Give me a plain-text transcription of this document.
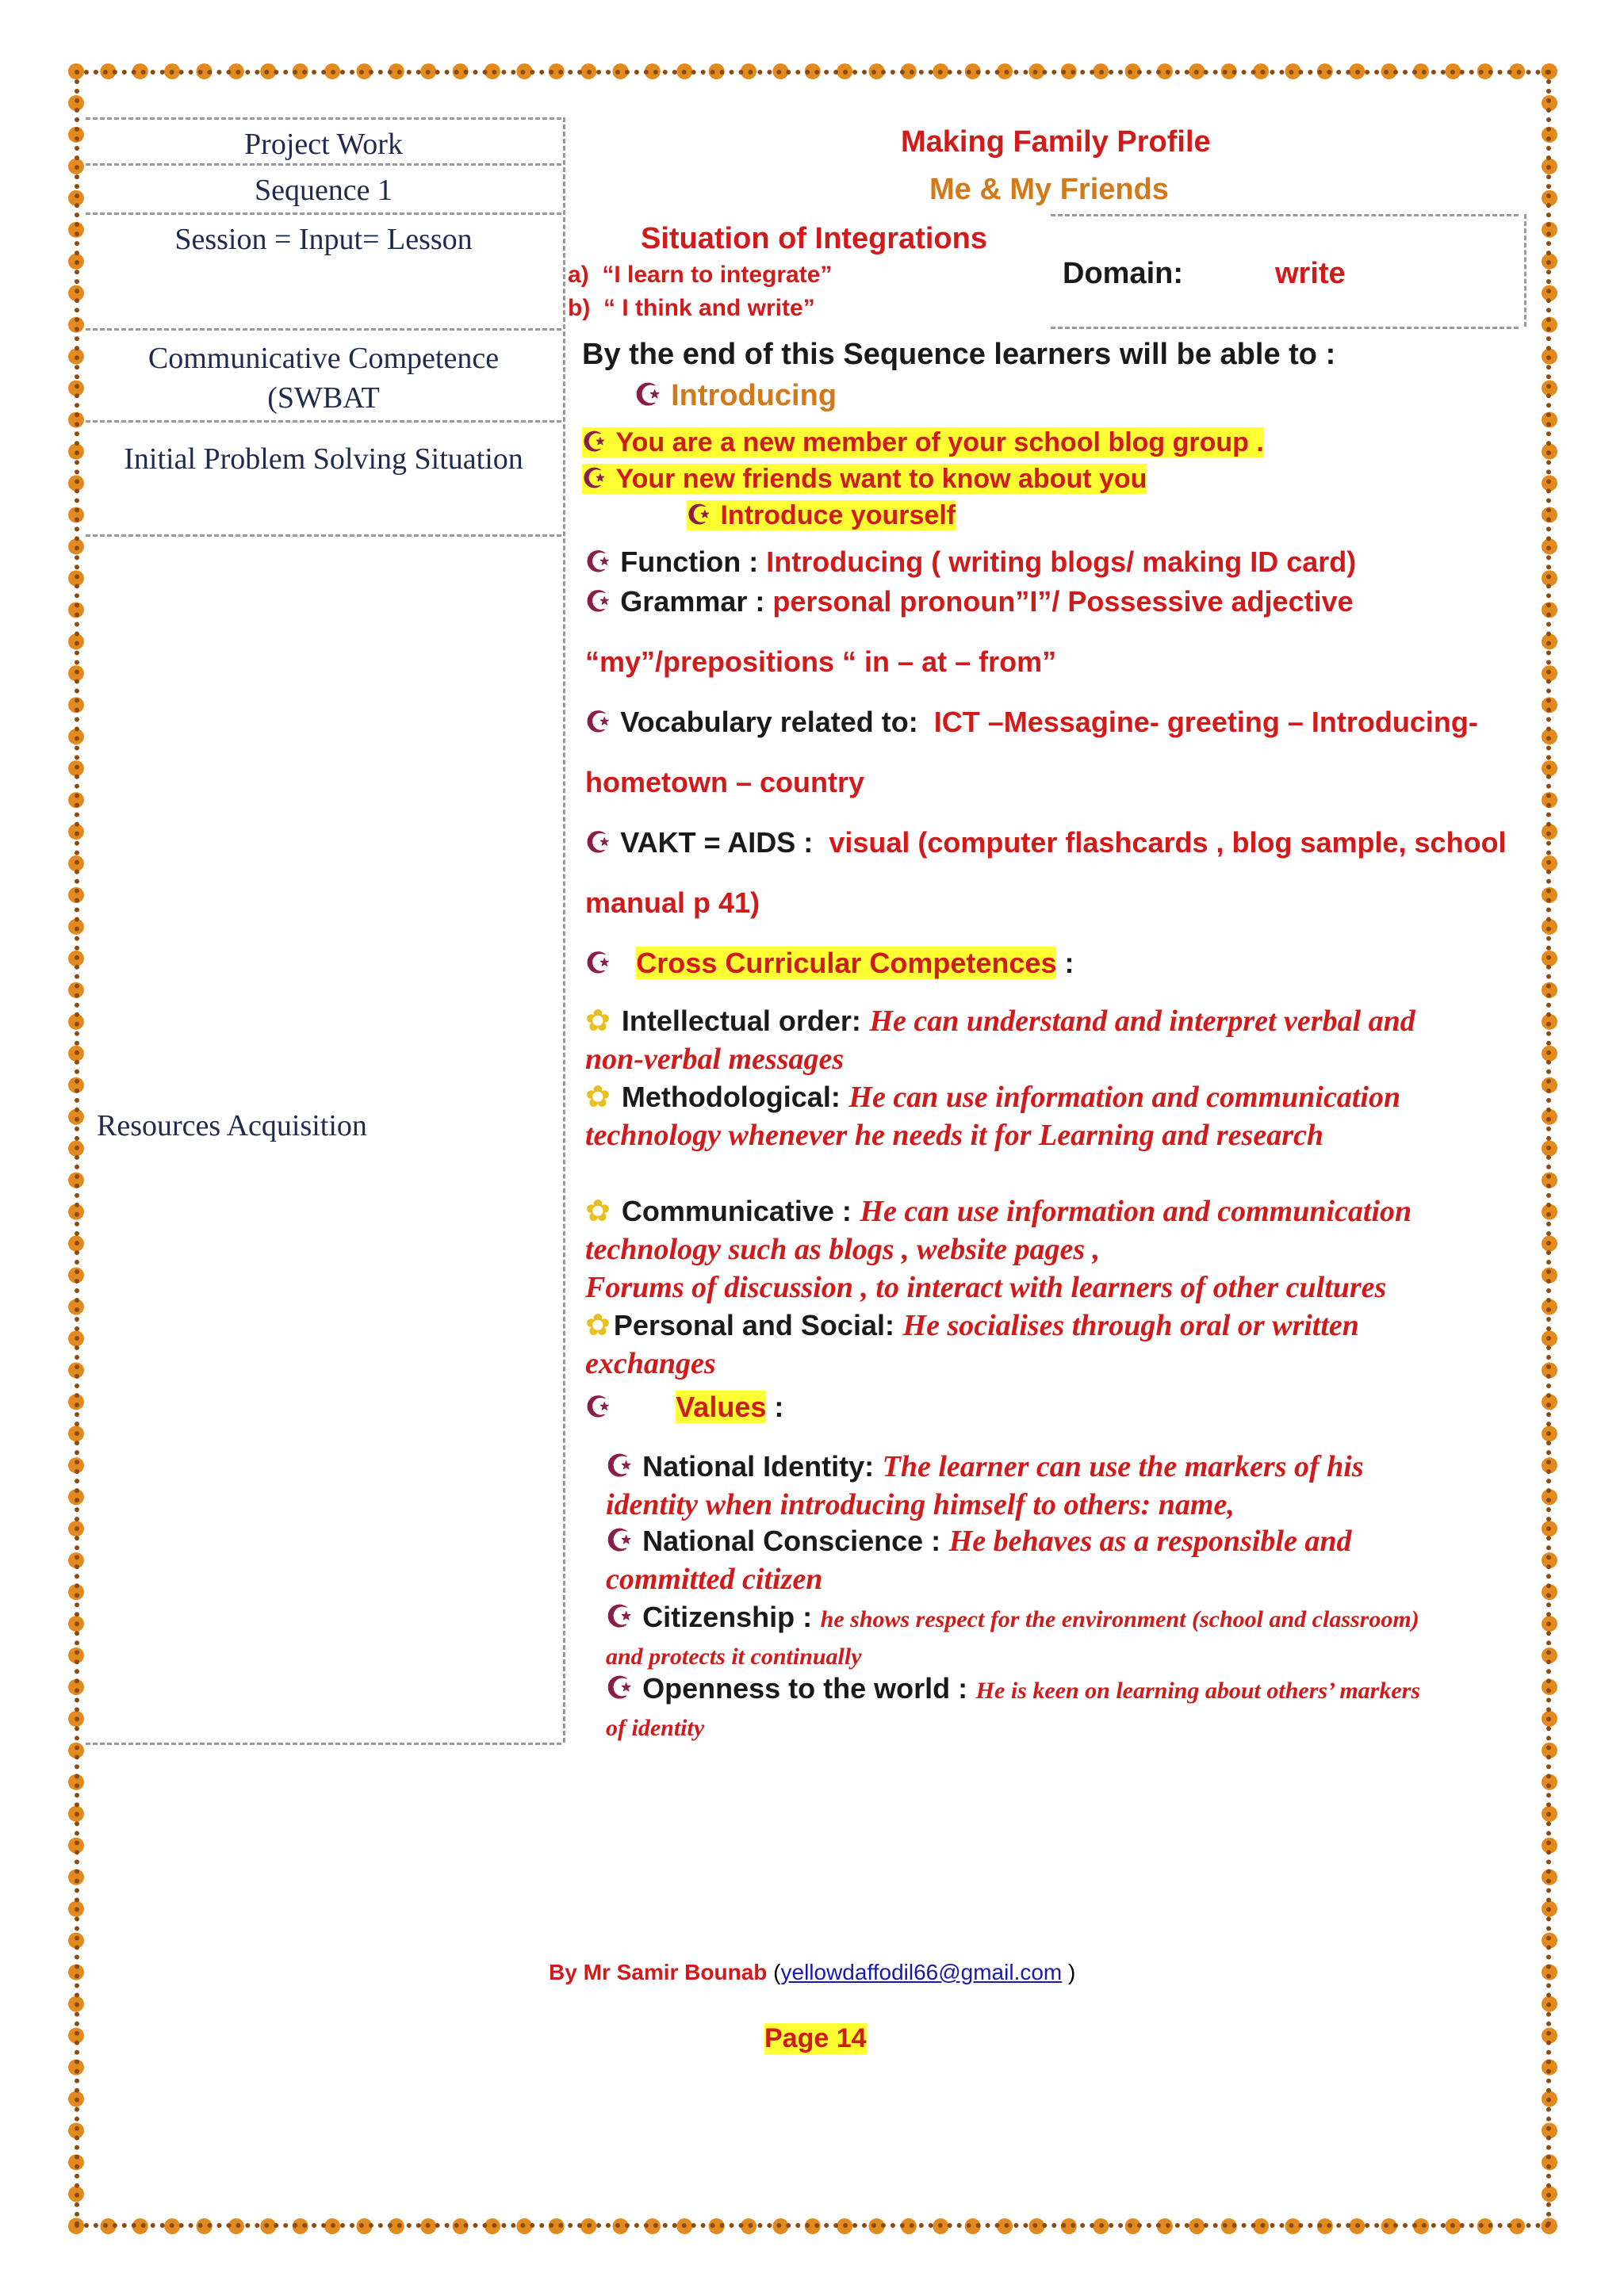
Project Work
Sequence 1
Session = Input= Lesson
Communicative Competence
(SWBAT
Initial Problem Solving Situation
Resources Acquisition
Making Family Profile
Me & My Friends
Situation of Integrations
a) “I learn to integrate”
b) “ I think and write”
Domain:	write
By the end of this Sequence learners will be able to :
☪ Introducing
☪ You are a new member of your school blog group .
☪ Your new friends want to know about you
☪ Introduce yourself
☪ Function : Introducing ( writing blogs/ making ID card)
☪ Grammar : personal pronoun”I”/ Possessive adjective
“my”/prepositions “ in – at – from”
☪ Vocabulary related to: ICT –Messagine- greeting – Introducing-
hometown – country
☪ VAKT = AIDS : visual (computer flashcards , blog sample, school
manual p 41)
☪ Cross Curricular Competences :
✿ Intellectual order: He can understand and interpret verbal and
non-verbal messages
✿ Methodological: He can use information and communication
technology whenever he needs it for Learning and research
✿ Communicative : He can use information and communication
technology such as blogs , website pages ,
Forums of discussion , to interact with learners of other cultures
✿ Personal and Social: He socialises through oral or written
exchanges
☪ Values :
☪ National Identity: The learner can use the markers of his
identity when introducing himself to others: name,
☪ National Conscience : He behaves as a responsible and
committed citizen
☪ Citizenship : he shows respect for the environment (school and classroom)
and protects it continually
☪ Openness to the world : He is keen on learning about others’ markers
of identity
By Mr Samir Bounab (yellowdaffodil66@gmail.com )
Page 14
